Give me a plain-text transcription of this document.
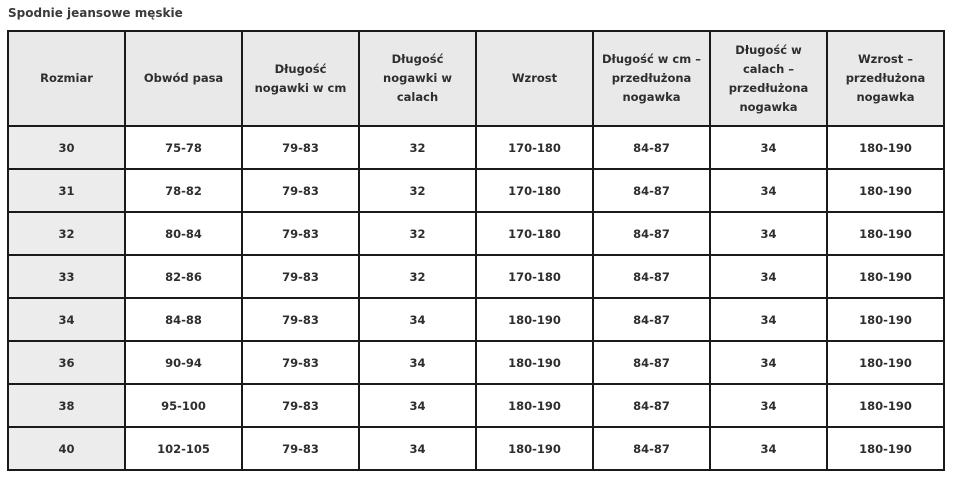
Spodnie jeansowe męskie
Rozmiar	Obwód pasa	Długość nogawki w cm	Długość nogawki w calach	Wzrost	Długość w cm – przedłużona nogawka	Długość w calach – przedłużona nogawka	Wzrost – przedłużona nogawka
30	75-78	79-83	32	170-180	84-87	34	180-190
31	78-82	79-83	32	170-180	84-87	34	180-190
32	80-84	79-83	32	170-180	84-87	34	180-190
33	82-86	79-83	32	170-180	84-87	34	180-190
34	84-88	79-83	34	180-190	84-87	34	180-190
36	90-94	79-83	34	180-190	84-87	34	180-190
38	95-100	79-83	34	180-190	84-87	34	180-190
40	102-105	79-83	34	180-190	84-87	34	180-190
